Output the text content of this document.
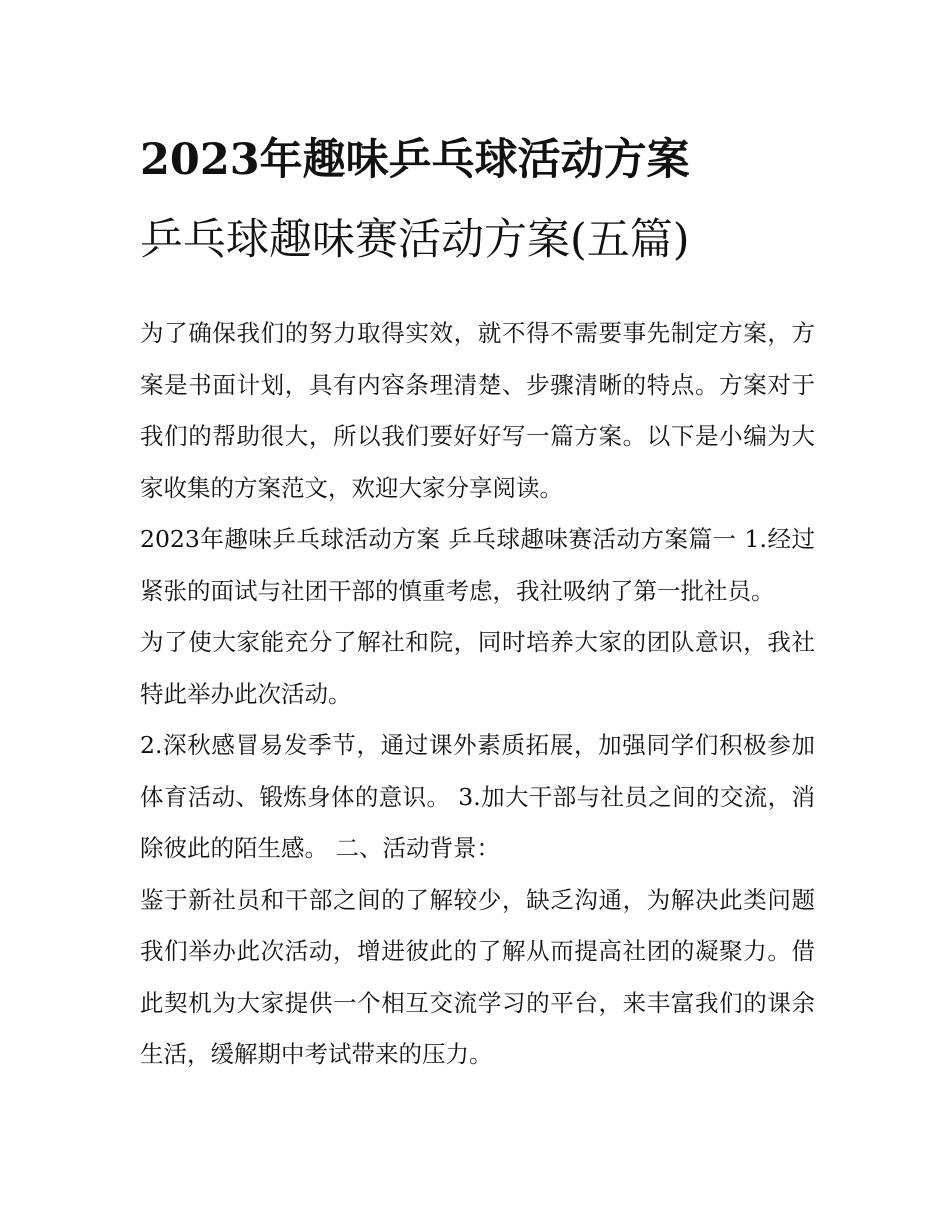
2023年趣味乒乓球活动方案
乒乓球趣味赛活动方案(五篇)

为了确保我们的努力取得实效，就不得不需要事先制定方案，方案是书面计划，具有内容条理清楚、步骤清晰的特点。方案对于我们的帮助很大，所以我们要好好写一篇方案。以下是小编为大家收集的方案范文，欢迎大家分享阅读。

2023年趣味乒乓球活动方案 乒乓球趣味赛活动方案篇一 1.经过紧张的面试与社团干部的慎重考虑，我社吸纳了第一批社员。

为了使大家能充分了解社和院，同时培养大家的团队意识，我社特此举办此次活动。

2.深秋感冒易发季节，通过课外素质拓展，加强同学们积极参加体育活动、锻炼身体的意识。 3.加大干部与社员之间的交流，消除彼此的陌生感。 二、活动背景：

鉴于新社员和干部之间的了解较少，缺乏沟通，为解决此类问题我们举办此次活动，增进彼此的了解从而提高社团的凝聚力。借此契机为大家提供一个相互交流学习的平台，来丰富我们的课余生活，缓解期中考试带来的压力。
